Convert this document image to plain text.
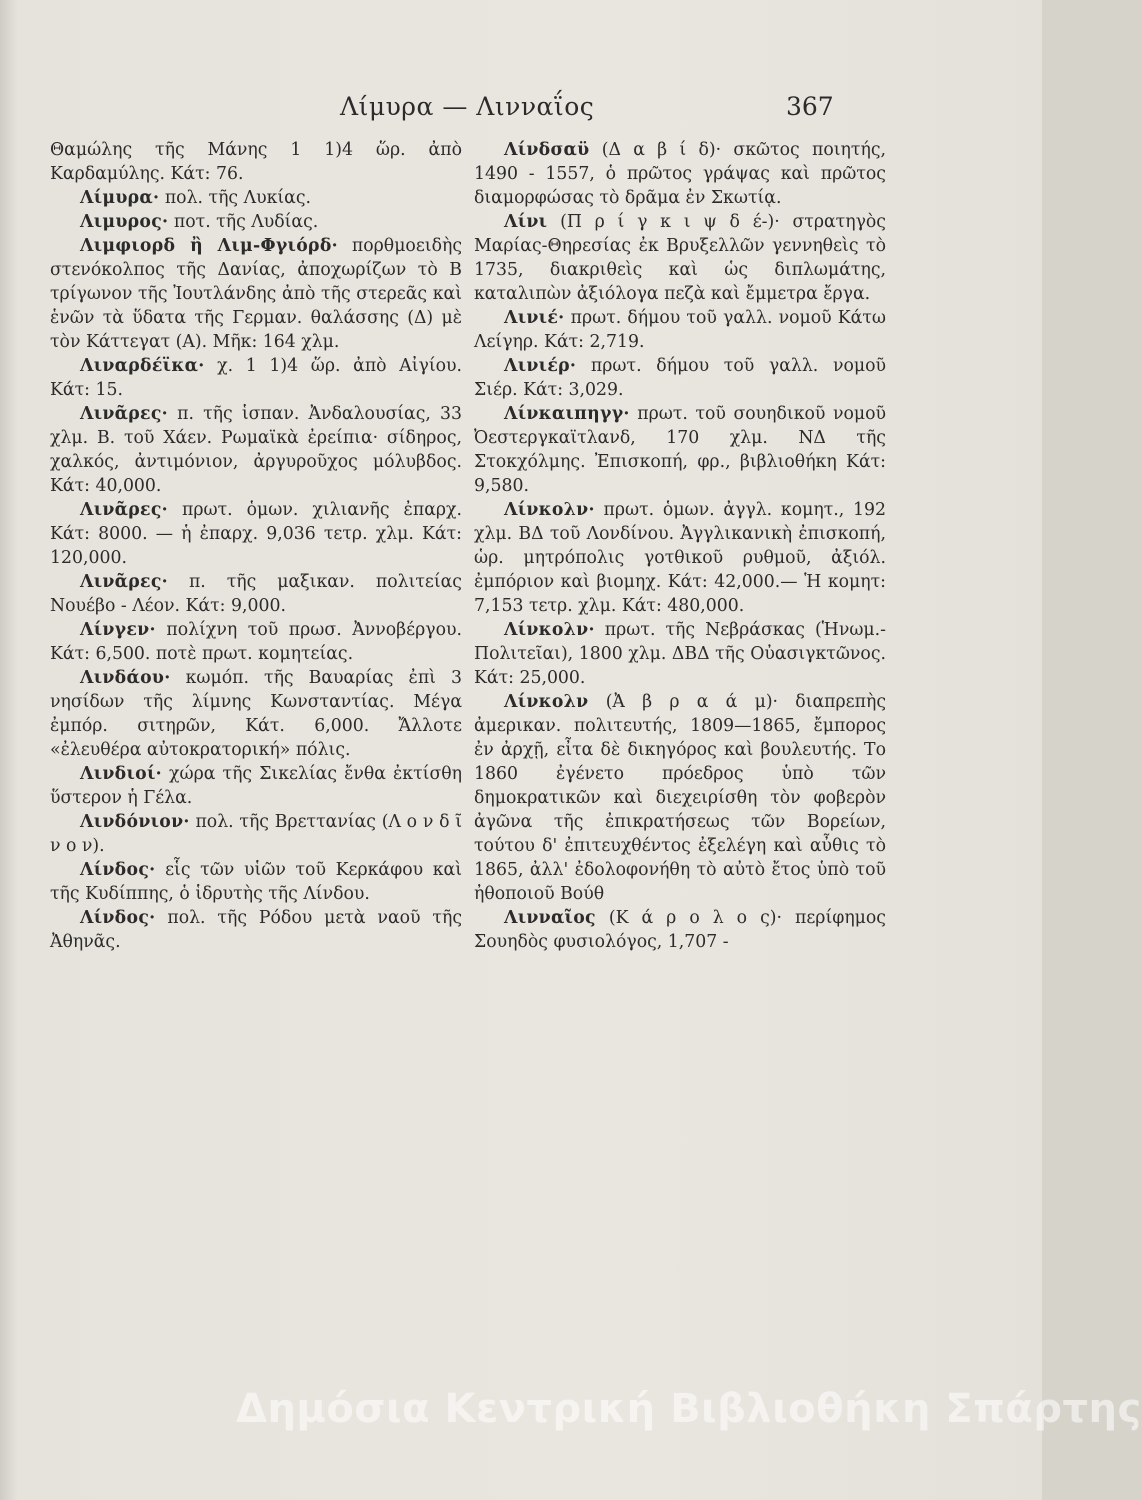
Λίμυρα — Λινναΐος	367

Θαμώλης τῆς Μάνης 1 1)4 ὥρ. ἀπὸ Καρδαμύλης. Κάτ: 76.

Λίμυρα· πολ. τῆς Λυκίας.

Λιμυρος· ποτ. τῆς Λυδίας.

Λιμφιορδ ἢ Λιμ-Φγιόρδ· πορθμοειδὴς στενόκολπος τῆς Δανίας, ἀποχωρίζων τὸ Β τρίγωνον τῆς Ἰουτλάνδης ἀπὸ τῆς στερεᾶς καὶ ἑνῶν τὰ ὕδατα τῆς Γερμαν. θαλάσσης (Δ) μὲ τὸν Κάττεγατ (Α). Μῆκ: 164 χλμ.

Λιναρδέϊκα· χ. 1 1)4 ὥρ. ἀπὸ Αἰγίου. Κάτ: 15.

Λινᾶρες· π. τῆς ἱσπαν. Ἀνδαλουσίας, 33 χλμ. Β. τοῦ Χάεν. Ρωμαϊκὰ ἐρείπια· σίδηρος, χαλκός, ἀντιμόνιον, ἀργυροῦχος μόλυβδος. Κάτ: 40,000.

Λινᾶρες· πρωτ. ὁμων. χιλιανῆς ἐπαρχ. Κάτ: 8000. — ἡ ἐπαρχ. 9,036 τετρ. χλμ. Κάτ: 120,000.

Λινᾶρες· π. τῆς μαξικαν. πολιτείας Νουέβο - Λέον. Κάτ: 9,000.

Λίνγεν· πολίχνη τοῦ πρωσ. Ἀννοβέργου. Κάτ: 6,500. ποτὲ πρωτ. κομητείας.

Λινδάου· κωμόπ. τῆς Βαυαρίας ἐπὶ 3 νησίδων τῆς λίμνης Κωνσταντίας. Μέγα ἐμπόρ. σιτηρῶν, Κάτ. 6,000. Ἄλλοτε «ἐλευθέρα αὐτοκρατορική» πόλις.

Λινδιοί· χώρα τῆς Σικελίας ἔνθα ἐκτίσθη ὕστερον ἡ Γέλα.

Λινδόνιον· πολ. τῆς Βρεττανίας (Λ ο ν δ ῖ ν ο ν).

Λίνδος· εἷς τῶν υἱῶν τοῦ Κερκάφου καὶ τῆς Κυδίππης, ὁ ἱδρυτὴς τῆς Λίνδου.

Λίνδος· πολ. τῆς Ρόδου μετὰ ναοῦ τῆς Ἀθηνᾶς.

Λίνδσαϋ (Δ α β ί δ)· σκῶτος ποιητής, 1490 - 1557, ὁ πρῶτος γράψας καὶ πρῶτος διαμορφώσας τὸ δρᾶμα ἐν Σκωτίᾳ.

Λίνι (Π ρ ί γ κ ι ψ δ έ-)· στρατηγὸς Μαρίας-Θηρεσίας ἐκ Βρυξελλῶν γεννηθεὶς τὸ 1735, διακριθεὶς καὶ ὡς διπλωμάτης, καταλιπὼν ἀξιόλογα πεζὰ καὶ ἔμμετρα ἔργα.

Λινιέ· πρωτ. δήμου τοῦ γαλλ. νομοῦ Κάτω Λείγηρ. Κάτ: 2,719.

Λινιέρ· πρωτ. δήμου τοῦ γαλλ. νομοῦ Σιέρ. Κάτ: 3,029.

Λίνκαιπηγγ· πρωτ. τοῦ σουηδικοῦ νομοῦ Ὀεστεργκαϊτλανδ, 170 χλμ. ΝΔ τῆς Στοκχόλμης. Ἐπισκοπή, φρ., βιβλιοθήκη Κάτ: 9,580.

Λίνκολν· πρωτ. ὁμων. ἀγγλ. κομητ., 192 χλμ. ΒΔ τοῦ Λονδίνου. Ἀγγλικανικὴ ἐπισκοπή, ὡρ. μητρόπολις γοτθικοῦ ρυθμοῦ, ἀξιόλ. ἐμπόριον καὶ βιομηχ. Κάτ: 42,000.— Ἡ κομητ: 7,153 τετρ. χλμ. Κάτ: 480,000.

Λίνκολν· πρωτ. τῆς Νεβράσκας (Ἡνωμ.-Πολιτεῖαι), 1800 χλμ. ΔΒΔ τῆς Οὐασιγκτῶνος. Κάτ: 25,000.

Λίνκολν (Ἀ β ρ α ά μ)· διαπρεπὴς ἀμερικαν. πολιτευτής, 1809—1865, ἔμπορος ἐν ἀρχῇ, εἶτα δὲ δικηγόρος καὶ βουλευτής. Το 1860 ἐγένετο πρόεδρος ὑπὸ τῶν δημοκρατικῶν καὶ διεχειρίσθη τὸν φοβερὸν ἀγῶνα τῆς ἐπικρατήσεως τῶν Βορείων, τούτου δ' ἐπιτευχθέντος ἐξελέγη καὶ αὖθις τὸ 1865, ἀλλ' ἐδολοφονήθη τὸ αὐτὸ ἔτος ὑπὸ τοῦ ἠθοποιοῦ Βούθ

Λινναῖος (Κ ά ρ ο λ ο ς)· περίφημος Σουηδὸς φυσιολόγος, 1,707 -

Δημόσια Κεντρική Βιβλιοθήκη Σπάρτης
